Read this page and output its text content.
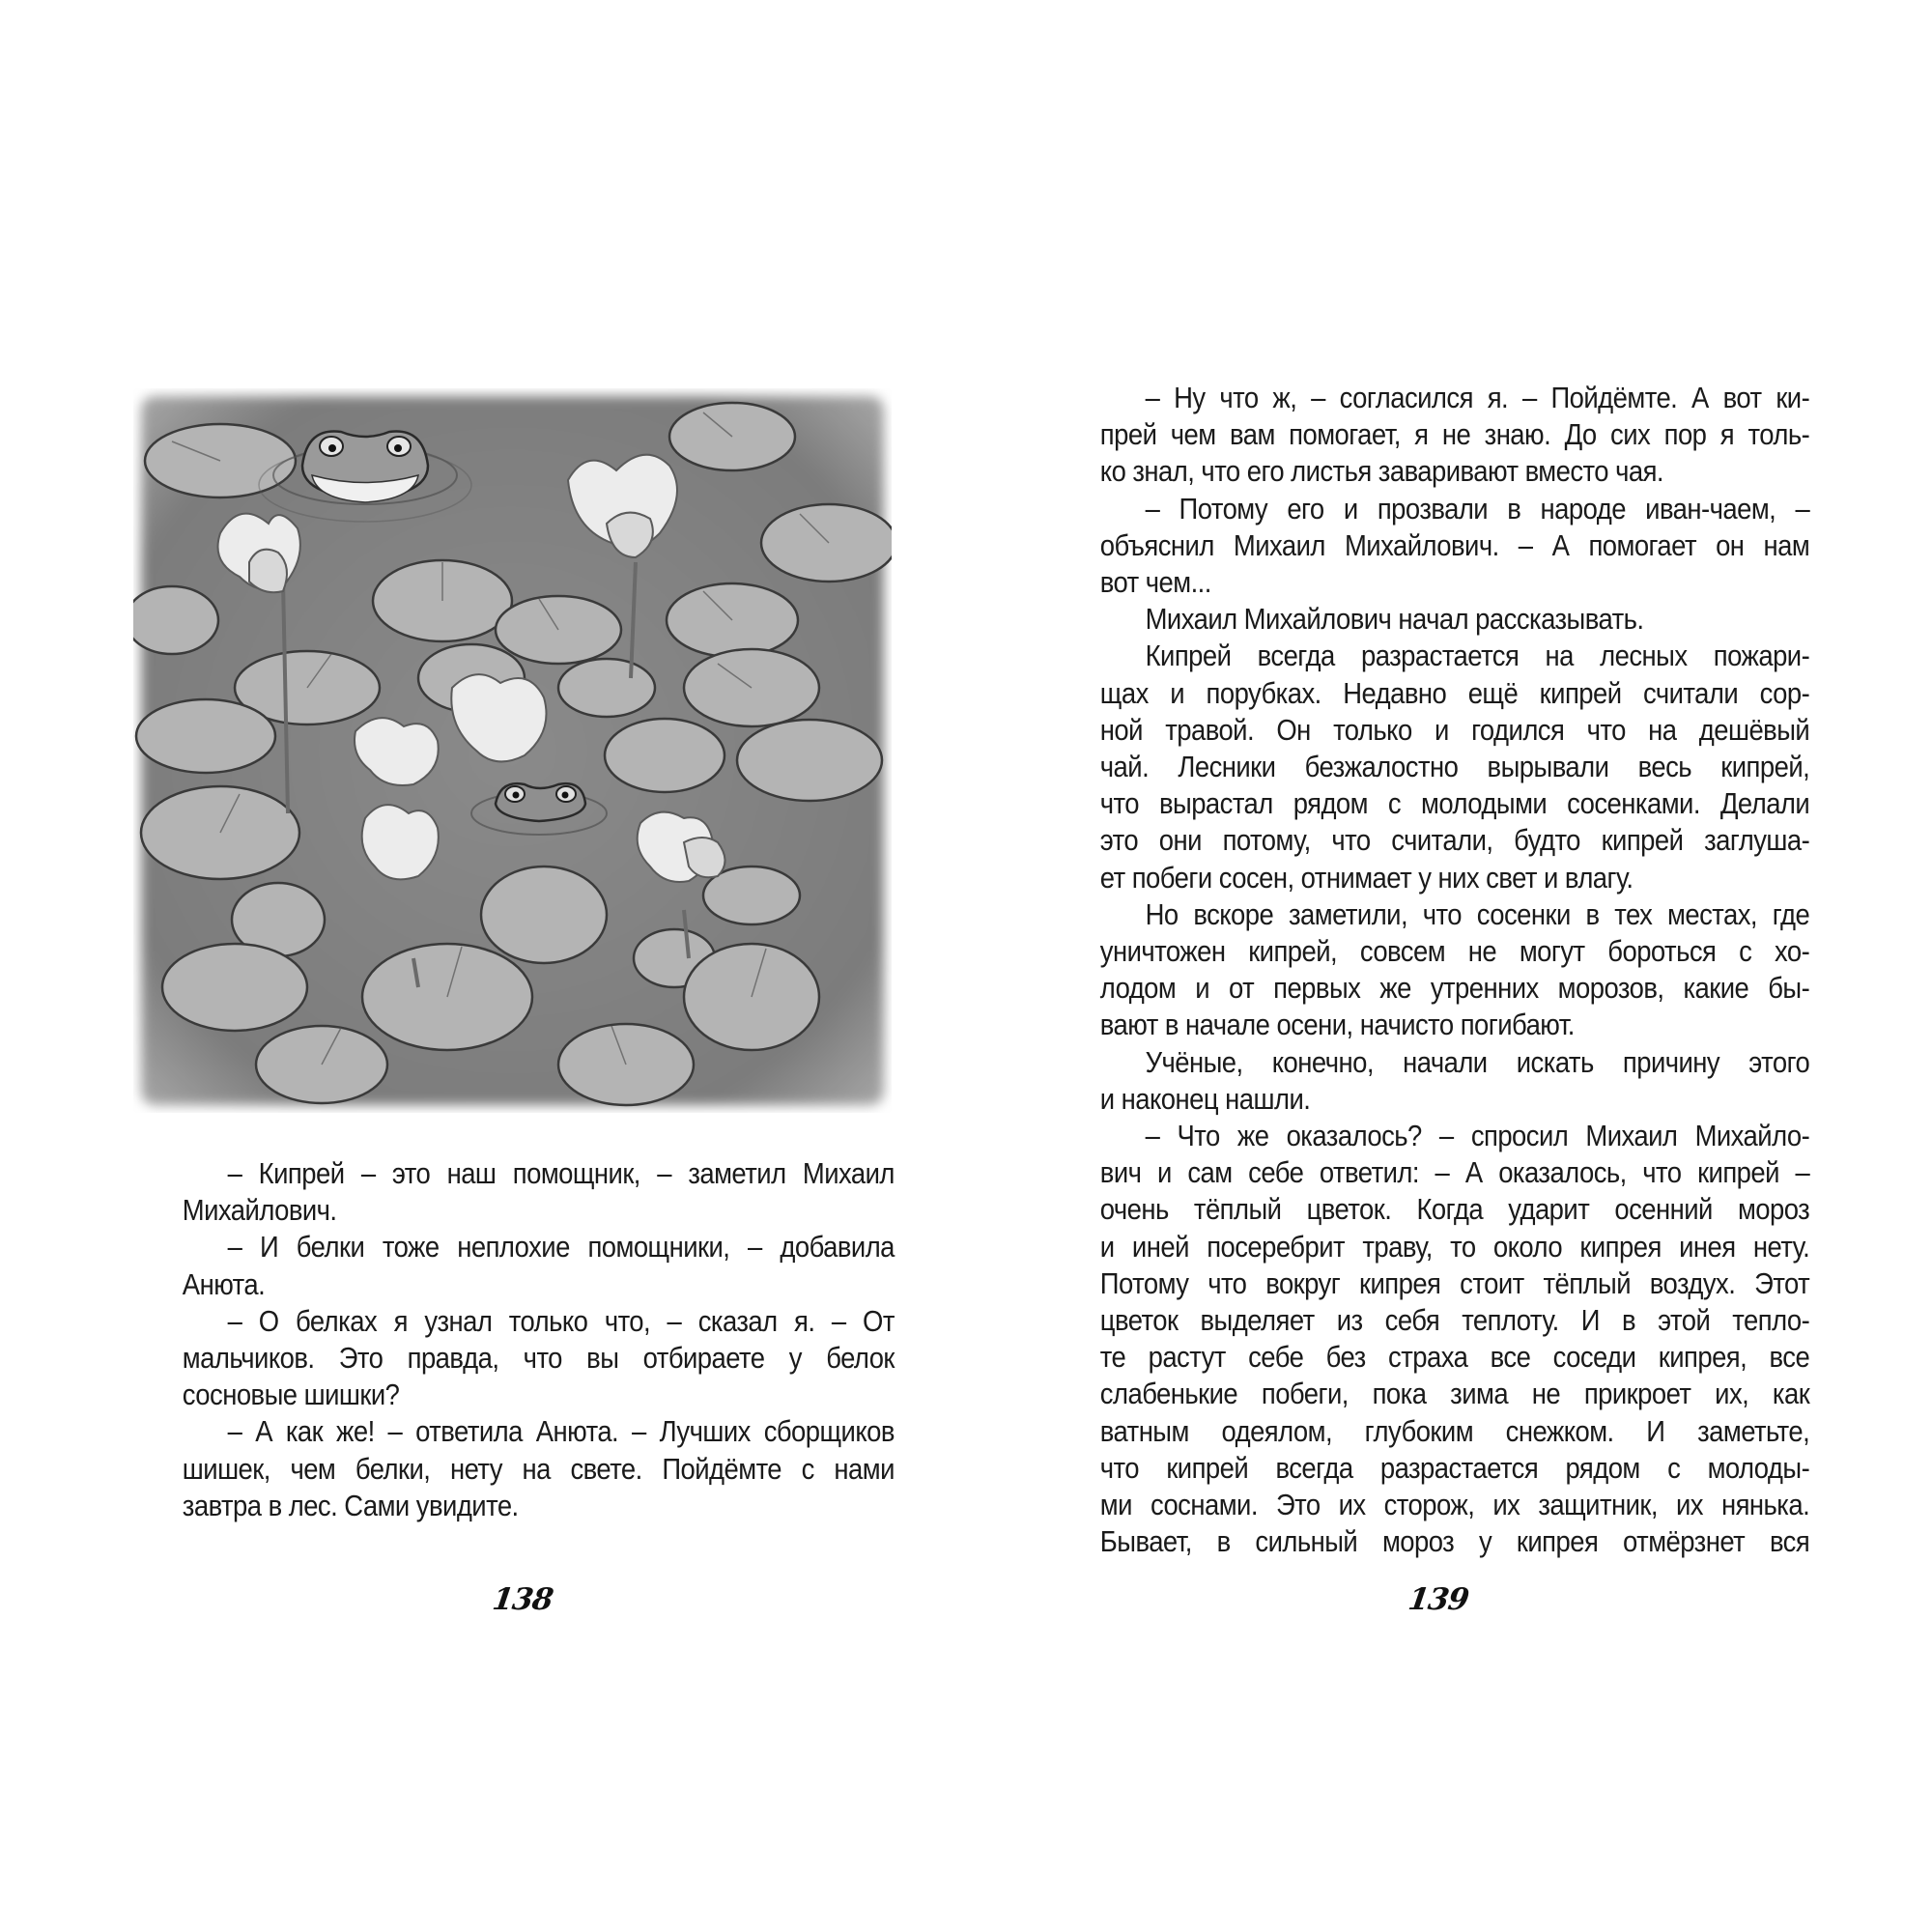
– Кипрей – это наш помощник, – заметил Михаил
Михайлович.

– И белки тоже неплохие помощники, – добавила
Анюта.

– О белках я узнал только что, – сказал я. – От
мальчиков. Это правда, что вы отбираете у белок
сосновые шишки?

– А как же! – ответила Анюта. – Лучших сборщиков
шишек, чем белки, нету на свете. Пойдёмте с нами
завтра в лес. Сами увидите.

138

– Ну что ж, – согласился я. – Пойдёмте. А вот ки-
прей чем вам помогает, я не знаю. До сих пор я толь-
ко знал, что его листья заваривают вместо чая.

– Потому его и прозвали в народе иван-чаем, –
объяснил Михаил Михайлович. – А помогает он нам
вот чем...

Михаил Михайлович начал рассказывать.

Кипрей всегда разрастается на лесных пожари-
щах и порубках. Недавно ещё кипрей считали сор-
ной травой. Он только и годился что на дешёвый
чай. Лесники безжалостно вырывали весь кипрей,
что вырастал рядом с молодыми сосенками. Делали
это они потому, что считали, будто кипрей заглуша-
ет побеги сосен, отнимает у них свет и влагу.

Но вскоре заметили, что сосенки в тех местах, где
уничтожен кипрей, совсем не могут бороться с хо-
лодом и от первых же утренних морозов, какие бы-
вают в начале осени, начисто погибают.

Учёные, конечно, начали искать причину этого
и наконец нашли.

– Что же оказалось? – спросил Михаил Михайло-
вич и сам себе ответил: – А оказалось, что кипрей –
очень тёплый цветок. Когда ударит осенний мороз
и иней посеребрит траву, то около кипрея инея нету.
Потому что вокруг кипрея стоит тёплый воздух. Этот
цветок выделяет из себя теплоту. И в этой тепло-
те растут себе без страха все соседи кипрея, все
слабенькие побеги, пока зима не прикроет их, как
ватным одеялом, глубоким снежком. И заметьте,
что кипрей всегда разрастается рядом с молоды-
ми соснами. Это их сторож, их защитник, их нянька.
Бывает, в сильный мороз у кипрея отмёрзнет вся

139
